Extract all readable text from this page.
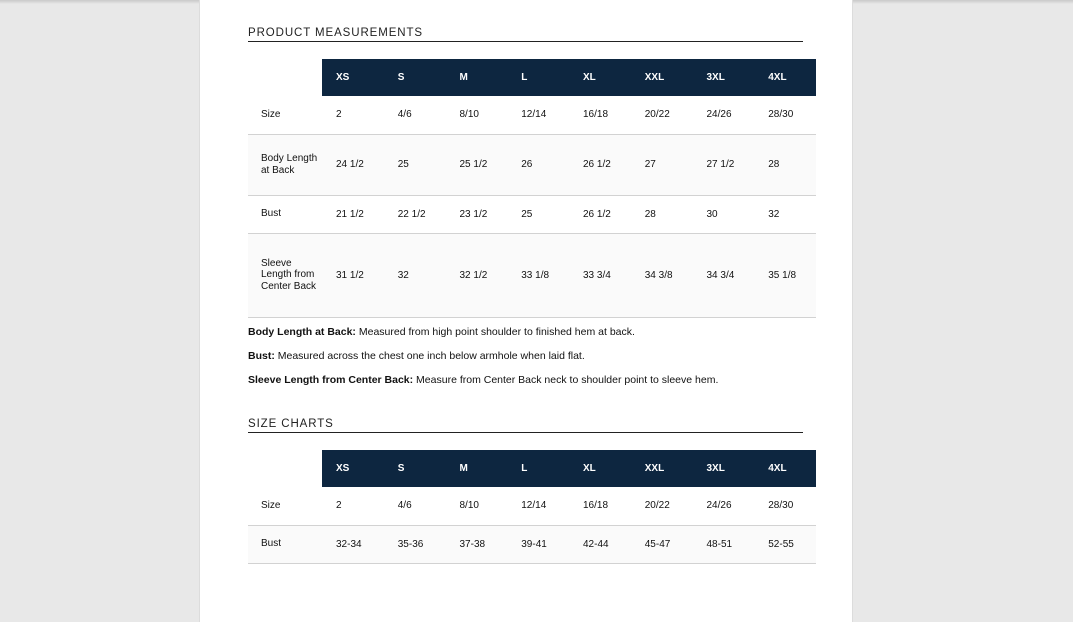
PRODUCT MEASUREMENTS
	XS	S	M	L	XL	XXL	3XL	4XL
Size	2	4/6	8/10	12/14	16/18	20/22	24/26	28/30
Body Length at Back	24 1/2	25	25 1/2	26	26 1/2	27	27 1/2	28
Bust	21 1/2	22 1/2	23 1/2	25	26 1/2	28	30	32
Sleeve Length from Center Back	31 1/2	32	32 1/2	33 1/8	33 3/4	34 3/8	34 3/4	35 1/8

Body Length at Back: Measured from high point shoulder to finished hem at back.

Bust: Measured across the chest one inch below armhole when laid flat.

Sleeve Length from Center Back: Measure from Center Back neck to shoulder point to sleeve hem.

SIZE CHARTS
	XS	S	M	L	XL	XXL	3XL	4XL
Size	2	4/6	8/10	12/14	16/18	20/22	24/26	28/30
Bust	32-34	35-36	37-38	39-41	42-44	45-47	48-51	52-55
